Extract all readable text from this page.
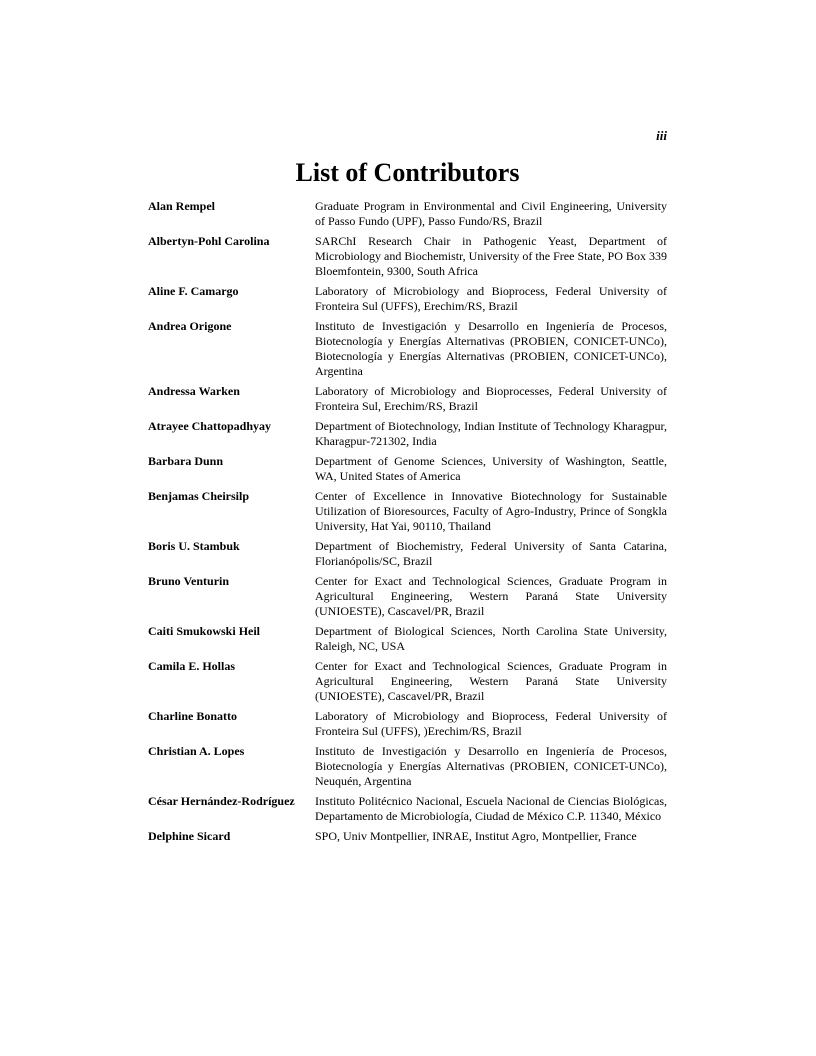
iii
List of Contributors
Alan Rempel	Graduate Program in Environmental and Civil Engineering, University of Passo Fundo (UPF), Passo Fundo/RS, Brazil
Albertyn-Pohl Carolina	SARChI Research Chair in Pathogenic Yeast, Department of Microbiology and Biochemistr, University of the Free State, PO Box 339 Bloemfontein, 9300, South Africa
Aline F. Camargo	Laboratory of Microbiology and Bioprocess, Federal University of Fronteira Sul (UFFS), Erechim/RS, Brazil
Andrea Origone	Instituto de Investigación y Desarrollo en Ingeniería de Procesos, Biotecnología y Energías Alternativas (PROBIEN, CONICET-UNCo), Biotecnología y Energías Alternativas (PROBIEN, CONICET-UNCo), Argentina
Andressa Warken	Laboratory of Microbiology and Bioprocesses, Federal University of Fronteira Sul, Erechim/RS, Brazil
Atrayee Chattopadhyay	Department of Biotechnology, Indian Institute of Technology Kharagpur, Kharagpur-721302, India
Barbara Dunn	Department of Genome Sciences, University of Washington, Seattle, WA, United States of America
Benjamas Cheirsilp	Center of Excellence in Innovative Biotechnology for Sustainable Utilization of Bioresources, Faculty of Agro-Industry, Prince of Songkla University, Hat Yai, 90110, Thailand
Boris U. Stambuk	Department of Biochemistry, Federal University of Santa Catarina, Florianópolis/SC, Brazil
Bruno Venturin	Center for Exact and Technological Sciences, Graduate Program in Agricultural Engineering, Western Paraná State University (UNIOESTE), Cascavel/PR, Brazil
Caiti Smukowski Heil	Department of Biological Sciences, North Carolina State University, Raleigh, NC, USA
Camila E. Hollas	Center for Exact and Technological Sciences, Graduate Program in Agricultural Engineering, Western Paraná State University (UNIOESTE), Cascavel/PR, Brazil
Charline Bonatto	Laboratory of Microbiology and Bioprocess, Federal University of Fronteira Sul (UFFS), )Erechim/RS, Brazil
Christian A. Lopes	Instituto de Investigación y Desarrollo en Ingeniería de Procesos, Biotecnología y Energías Alternativas (PROBIEN, CONICET-UNCo), Neuquén, Argentina
César Hernández-Rodríguez	Instituto Politécnico Nacional, Escuela Nacional de Ciencias Biológicas, Departamento de Microbiología, Ciudad de México C.P. 11340, México
Delphine Sicard	SPO, Univ Montpellier, INRAE, Institut Agro, Montpellier, France
